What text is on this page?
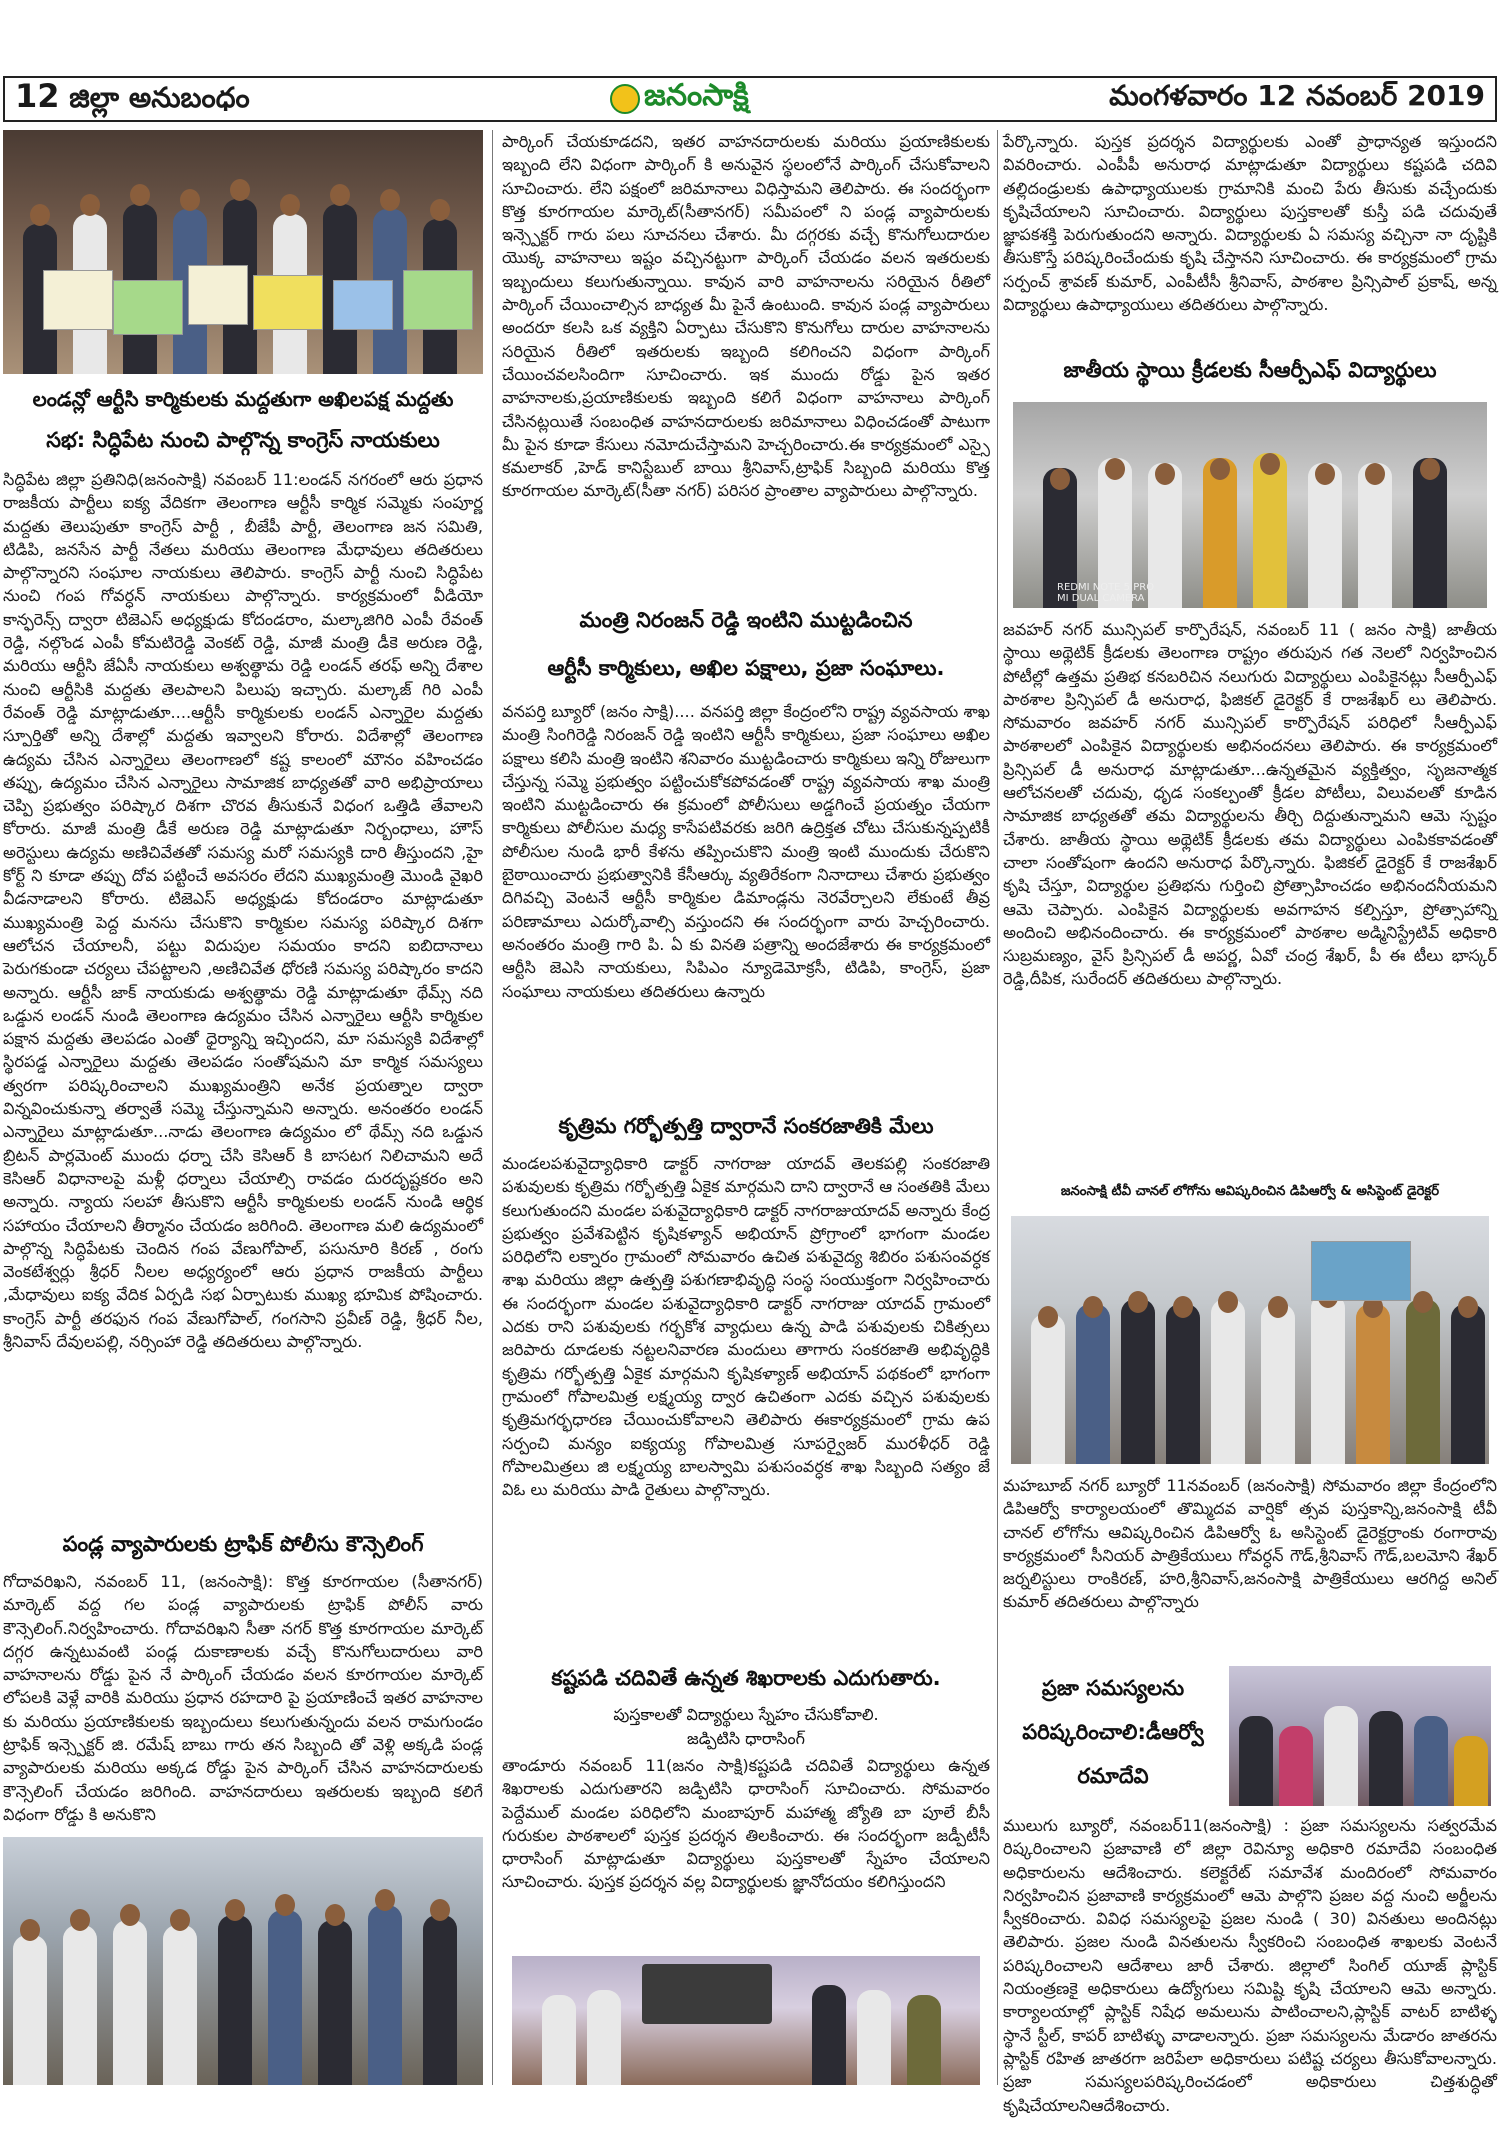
12 జిల్లా అనుబంధం	జనంసాక్షి	మంగళవారం 12 నవంబర్ 2019
లండన్లో ఆర్టీసి కార్మికులకు మద్దతుగా అఖిలపక్ష మద్దతు
సభ: సిద్ధిపేట నుంచి పాల్గొన్న కాంగ్రెస్ నాయకులు
సిద్ధిపేట జిల్లా ప్రతినిధి(జనంసాక్షి) నవంబర్ 11:లండన్ నగరంలో ఆరు ప్రధాన రాజకీయ పార్టీలు ఐక్య వేదికగా తెలంగాణ ఆర్టీసీ కార్మిక సమ్మెకు సంపూర్ణ మద్దతు తెలుపుతూ కాంగ్రెస్ పార్టీ , బీజేపీ పార్టీ, తెలంగాణ జన సమితి, టిడిపి, జనసేన పార్టీ నేతలు మరియు తెలంగాణ మేధావులు తదితరులు పాల్గొన్నారని సంఘాల నాయకులు తెలిపారు. కాంగ్రెస్ పార్టీ నుంచి సిద్ధిపేట నుంచి గంప గోవర్ధన్ నాయకులు పాల్గొన్నారు. కార్యక్రమంలో వీడియో కాన్ఫరెన్స్ ద్వారా టిజెఎస్ అధ్యక్షుడు కోదండరాం, మల్కాజిగిరి ఎంపీ రేవంత్ రెడ్డి, నల్గొండ ఎంపీ కోమటిరెడ్డి వెంకట్ రెడ్డి, మాజీ మంత్రి డీకె అరుణ రెడ్డి, మరియు ఆర్టీసి జేఏసీ నాయకులు అశ్వత్థామ రెడ్డి లండన్ తరఫ్ అన్ని దేశాల నుంచి ఆర్టీసికి మద్దతు తెలపాలని పిలుపు ఇచ్చారు. మల్కాజ్ గిరి ఎంపీ రేవంత్ రెడ్డి మాట్లాడుతూ....ఆర్టీసీ కార్మికులకు లండన్ ఎన్నారైల మద్దతు స్పూర్తితో అన్ని దేశాల్లో మద్దతు ఇవ్వాలని కోరారు. విదేశాల్లో తెలంగాణ ఉద్యమ చేసిన ఎన్నారైలు తెలంగాణలో కష్ట కాలంలో మౌనం వహించడం తప్పు, ఉద్యమం చేసిన ఎన్నారైలు సామాజిక బాధ్యతతో వారి అభిప్రాయాలు చెప్పి ప్రభుత్వం పరిష్కార దిశగా చొరవ తీసుకునే విధంగ ఒత్తిడి తేవాలని కోరారు. మాజీ మంత్రి డీకే అరుణ రెడ్డి మాట్లాడుతూ నిర్బంధాలు, హౌస్ అరెస్టులు ఉద్యమ అణిచివేతతో సమస్య మరో సమస్యకి దారి తీస్తుందని ,హై కోర్ట్ ని కూడా తప్పు దోవ పట్టించే అవసరం లేదని ముఖ్యమంత్రి మొండి వైఖరి వీడనాడాలని కోరారు. టిజెఎస్ అధ్యక్షుడు కోదండరాం మాట్లాడుతూ ముఖ్యమంత్రి పెద్ద మనసు చేసుకొని కార్మికుల సమస్య పరిష్కార దిశగా ఆలోచన చేయాలనీ, పట్టు విదుపుల సమయం కాదని ఐబిదానాలు పెరుగకుండా చర్యలు చేపట్టాలని ,అణిచివేత ధోరణి సమస్య పరిష్కారం కాదని అన్నారు. ఆర్టీసీ జాక్ నాయకుడు అశ్వత్థామ రెడ్డి మాట్లాడుతూ థేమ్స్ నది ఒడ్డున లండన్ నుండి తెలంగాణ ఉద్యమం చేసిన ఎన్నారైలు ఆర్టీసి కార్మికుల పక్షాన మద్దతు తెలపడం ఎంతో ధైర్యాన్ని ఇచ్చిందని, మా సమస్యకి విదేశాల్లో స్థిరపడ్డ ఎన్నారైలు మద్దతు తెలపడం సంతోషమని మా కార్మిక సమస్యలు త్వరగా పరిష్కరించాలని ముఖ్యమంత్రిని అనేక ప్రయత్నాల ద్వారా విన్నవించుకున్నా తర్వాతే సమ్మె చేస్తున్నామని అన్నారు. అనంతరం లండన్ ఎన్నారైలు మాట్లాడుతూ...నాడు తెలంగాణ ఉద్యమం లో థేమ్స్ నది ఒడ్డున బ్రిటన్ పార్లమెంట్ ముందు ధర్నా చేసి కెసిఆర్ కి బాసటగ నిలిచామని అదే కెసిఆర్ విధానాలపై మళ్లీ ధర్నాలు చేయాల్సి రావడం దురదృష్టకరం అని అన్నారు. న్యాయ సలహా తీసుకొని ఆర్టీసీ కార్మికులకు లండన్ నుండి ఆర్థిక సహాయం చేయాలని తీర్మానం చేయడం జరిగింది. తెలంగాణ మలి ఉద్యమంలో పాల్గొన్న సిద్ధిపేటకు చెందిన గంప వేణుగోపాల్, పసునూరి కిరణ్ , రంగు వెంకటేశ్వర్లు శ్రీధర్ నీలల అధ్యర్యంలో ఆరు ప్రధాన రాజకీయ పార్టీలు ,మేధావులు ఐక్య వేదిక ఏర్పడి సభ ఏర్పాటుకు ముఖ్య భూమిక పోషించారు. కాంగ్రెస్ పార్టీ తరఫున గంప వేణుగోపాల్, గంగసాని ప్రవీణ్ రెడ్డి, శ్రీధర్ నీల, శ్రీనివాస్ దేవులపల్లి, నర్సింహా రెడ్డి తదితరులు పాల్గొన్నారు.
పండ్ల వ్యాపారులకు ట్రాఫిక్ పోలీసు కౌన్సెలింగ్
గోదావరిఖని, నవంబర్ 11, (జనంసాక్షి): కొత్త కూరగాయల (సీతానగర్) మార్కెట్ వద్ద గల పండ్ల వ్యాపారులకు ట్రాఫిక్ పోలీస్ వారు కౌన్సెలింగ్.నిర్వహించారు. గోదావరిఖని సీతా నగర్ కొత్త కూరగాయల మార్కెట్ దగ్గర ఉన్నటువంటి పండ్ల దుకాణాలకు వచ్చే కొనుగోలుదారులు వారి వాహనాలను రోడ్డు పైన నే పార్కింగ్ చేయడం వలన కూరగాయల మార్కెట్ లోపలకి వెళ్లే వారికి మరియు ప్రధాన రహదారి పై ప్రయాణించే ఇతర వాహనాల కు మరియు ప్రయాణికులకు ఇబ్బందులు కలుగుతున్నందు వలన రామగుండం ట్రాఫిక్ ఇన్స్పెక్టర్ జి. రమేష్ బాబు గారు తన సిబ్బంది తో వెళ్లి అక్కడి పండ్ల వ్యాపారులకు మరియు అక్కడ రోడ్డు పైన పార్కింగ్ చేసిన వాహనదారులకు కౌన్సెలింగ్ చేయడం జరిగింది. వాహనదారులు ఇతరులకు ఇబ్బంది కలిగే విధంగా రోడ్డు కి అనుకొని
పార్కింగ్ చేయకూడదని, ఇతర వాహనదారులకు మరియు ప్రయాణికులకు ఇబ్బంది లేని విధంగా పార్కింగ్ కి అనువైన స్థలంలోనే పార్కింగ్ చేసుకోవాలని సూచించారు. లేని పక్షంలో జరిమానాలు విధిస్తామని తెలిపారు. ఈ సందర్భంగా కొత్త కూరగాయల మార్కెట్(సీతానగర్) సమీపంలో ని పండ్ల వ్యాపారులకు ఇన్స్పెక్టర్ గారు పలు సూచనలు చేశారు. మీ దగ్గరకు వచ్చే కొనుగోలుదారుల యొక్క వాహనాలు ఇష్టం వచ్చినట్టుగా పార్కింగ్ చేయడం వలన ఇతరులకు ఇబ్బందులు కలుగుతున్నాయి. కావున వారి వాహనాలను సరియైన రీతిలో పార్కింగ్ చేయించాల్సిన బాధ్యత మీ పైనే ఉంటుంది. కావున పండ్ల వ్యాపారులు అందరూ కలసి ఒక వ్యక్తిని ఏర్పాటు చేసుకొని కొనుగోలు దారుల వాహనాలను సరియైన రీతిలో ఇతరులకు ఇబ్బంది కలిగించని విధంగా పార్కింగ్ చేయించవలసిందిగా సూచించారు. ఇక ముందు రోడ్డు పైన ఇతర వాహనాలకు,ప్రయాణికులకు ఇబ్బంది కలిగే విధంగా వాహనాలు పార్కింగ్ చేసినట్లయితే సంబంధిత వాహనదారులకు జరిమానాలు విధించడంతో పాటుగా మీ పైన కూడా కేసులు నమోదుచేస్తామని హెచ్చరించారు.ఈ కార్యక్రమంలో ఎస్సై కమలాకర్ ,హెడ్ కానిస్టేబుల్ బాయి శ్రీనివాస్,ట్రాఫిక్ సిబ్బంది మరియు కొత్త కూరగాయల మార్కెట్(సీతా నగర్) పరిసర ప్రాంతాల వ్యాపారులు పాల్గొన్నారు.
మంత్రి నిరంజన్ రెడ్డి ఇంటిని ముట్టడించిన
ఆర్టీసీ కార్మికులు, అఖిల పక్షాలు, ప్రజా సంఘాలు.
వనపర్తి బ్యూరో (జనం సాక్షి).... వనపర్తి జిల్లా కేంద్రంలోని రాష్ట్ర వ్యవసాయ శాఖ మంత్రి సింగిరెడ్డి నిరంజన్ రెడ్డి ఇంటిని ఆర్టీసీ కార్మికులు, ప్రజా సంఘాలు అఖిల పక్షాలు కలిసి మంత్రి ఇంటిని శనివారం ముట్టడించారు కార్మికులు ఇన్ని రోజులుగా చేస్తున్న సమ్మె ప్రభుత్వం పట్టించుకోకపోవడంతో రాష్ట్ర వ్యవసాయ శాఖ మంత్రి ఇంటిని ముట్టడించారు ఈ క్రమంలో పోలీసులు అడ్డగించే ప్రయత్నం చేయగా కార్మికులు పోలీసుల మధ్య కాసేపటివరకు జరిగి ఉద్రిక్తత చోటు చేసుకున్నప్పటికీ పోలీసుల నుండి భారీ కేళను తప్పించుకొని మంత్రి ఇంటి ముందుకు చేరుకొని బైఠాయించారు ప్రభుత్వానికి కేసీఆర్కు వ్యతిరేకంగా నినాదాలు చేశారు ప్రభుత్వం దిగివచ్చి వెంటనే ఆర్టీసీ కార్మికుల డిమాండ్లను నెరవేర్చాలని లేకుంటే తీవ్ర పరిణామాలు ఎదుర్కోవాల్సి వస్తుందని ఈ సందర్భంగా వారు హెచ్చరించారు. అనంతరం మంత్రి గారి పి. ఏ కు వినతి పత్రాన్ని అందజేశారు ఈ కార్యక్రమంలో ఆర్టీసి జెఎసి నాయకులు, సిపిఎం న్యూడెమోక్రసీ, టిడిపి, కాంగ్రెస్, ప్రజా సంఘాలు నాయకులు తదితరులు ఉన్నారు
కృత్రిమ గర్భోత్పత్తి ద్వారానే సంకరజాతికి మేలు
మండలపశువైద్యాధికారి డాక్టర్ నాగరాజు యాదవ్ తెలకపల్లి సంకరజాతి పశువులకు కృత్రిమ గర్భోత్పత్తి ఏకైక మార్గమని దాని ద్వారానే ఆ సంతతికి మేలు కలుగుతుందని మండల పశువైద్యాధికారి డాక్టర్ నాగరాజుయాదవ్ అన్నారు కేంద్ర ప్రభుత్వం ప్రవేశపెట్టిన కృషికళ్యాన్ అభియాన్ ప్రోగ్రాంలో భాగంగా మండల పరిధిలోని లక్నారం గ్రామంలో సోమవారం ఉచిత పశువైద్య శిబిరం పశుసంవర్ధక శాఖ మరియు జిల్లా ఉత్పత్తి పశుగణాభివృద్ధి సంస్థ సంయుక్తంగా నిర్వహించారు ఈ సందర్భంగా మండల పశువైద్యాధికారి డాక్టర్ నాగరాజు యాదవ్ గ్రామంలో ఎదకు రాని పశువులకు గర్భకోశ వ్యాధులు ఉన్న పాడి పశువులకు చికిత్సలు జరిపారు దూడలకు నట్టలనివారణ మందులు తాగారు సంకరజాతి అభివృద్ధికి కృత్రిమ గర్భోత్పత్తి ఏకైక మార్గమని కృషికళ్యాణ్ అభియాన్ పథకంలో భాగంగా గ్రామంలో గోపాలమిత్ర లక్ష్మయ్య ద్వార ఉచితంగా ఎదకు వచ్చిన పశువులకు కృత్రిమగర్భధారణ చేయించుకోవాలని తెలిపారు ఈకార్యక్రమంలో గ్రామ ఉప సర్పంచి మన్యం ఐక్యయ్య గోపాలమిత్ర సూపర్వైజర్ మురళీధర్ రెడ్డి గోపాలమిత్రలు జి లక్ష్మయ్య బాలస్వామి పశుసంవర్ధక శాఖ సిబ్బంది సత్యం జే విఓ లు మరియు పాడి రైతులు పాల్గొన్నారు.
కష్టపడి చదివితే ఉన్నత శిఖరాలకు ఎదుగుతారు.
పుస్తకాలతో విద్యార్థులు స్నేహం చేసుకోవాలి.
జడ్పిటిసి ధారాసింగ్
తాండూరు నవంబర్ 11(జనం సాక్షి)కష్టపడి చదివితే విద్యార్థులు ఉన్నత శిఖరాలకు ఎదుగుతారని జడ్పిటిసి ధారాసింగ్ సూచించారు. సోమవారం పెద్దేముల్ మండల పరిధిలోని మంబాపూర్ మహాత్మ జ్యోతి బా పూలే బీసీ గురుకుల పాఠశాలలో పుస్తక ప్రదర్శన తిలకించారు. ఈ సందర్భంగా జడ్పీటీసీ ధారాసింగ్ మాట్లాడుతూ విద్యార్థులు పుస్తకాలతో స్నేహం చేయాలని సూచించారు. పుస్తక ప్రదర్శన వల్ల విద్యార్థులకు జ్ఞానోదయం కలిగిస్తుందని
పేర్కొన్నారు. పుస్తక ప్రదర్శన విద్యార్థులకు ఎంతో ప్రాధాన్యత ఇస్తుందని వివరించారు. ఎంపీపీ అనురాధ మాట్లాడుతూ విద్యార్థులు కష్టపడి చదివి తల్లిదండ్రులకు ఉపాధ్యాయులకు గ్రామానికి మంచి పేరు తీసుకు వచ్చేందుకు కృషిచేయాలని సూచించారు. విద్యార్థులు పుస్తకాలతో కుస్తీ పడి చదువుతే జ్ఞాపకశక్తి పెరుగుతుందని అన్నారు. విద్యార్థులకు ఏ సమస్య వచ్చినా నా దృష్టికి తీసుకొస్తే పరిష్కరించేందుకు కృషి చేస్తానని సూచించారు. ఈ కార్యక్రమంలో గ్రామ సర్పంచ్ శ్రావణ్ కుమార్, ఎంపీటీసీ శ్రీనివాస్, పాఠశాల ప్రిన్సిపాల్ ప్రకాష్, అన్న విద్యార్థులు ఉపాధ్యాయులు తదితరులు పాల్గొన్నారు.
జాతీయ స్థాయి క్రీడలకు సీఆర్పీఎఫ్ విద్యార్థులు
REDMI NOTE 5 PRO
MI DUAL CAMERA
జవహర్ నగర్ మున్సిపల్ కార్పొరేషన్, నవంబర్ 11 ( జనం సాక్షి) జాతీయ స్థాయి అథ్లెటిక్ క్రీడలకు తెలంగాణ రాష్ట్రం తరుపున గత నెలలో నిర్వహించిన పోటీల్లో ఉత్తమ ప్రతిభ కనబరిచిన నలుగురు విద్యార్థులు ఎంపికైనట్లు సీఆర్పీఎఫ్ పాఠశాల ప్రిన్సిపల్ డీ అనురాధ, ఫిజికల్ డైరెక్టర్ కే రాజశేఖర్ లు తెలిపారు. సోమవారం జవహర్ నగర్ మున్సిపల్ కార్పొరేషన్ పరిధిలో సీఆర్పీఎఫ్ పాఠశాలలో ఎంపికైన విద్యార్థులకు అభినందనలు తెలిపారు. ఈ కార్యక్రమంలో ప్రిన్సిపల్ డీ అనురాధ మాట్లాడుతూ...ఉన్నతమైన వ్యక్తిత్వం, సృజనాత్మక ఆలోచనలతో చదువు, ధృడ సంకల్పంతో క్రీడల పోటీలు, విలువలతో కూడిన సామాజిక బాధ్యతతో తమ విద్యార్థులను తీర్చి దిద్దుతున్నామని ఆమె స్పష్టం చేశారు. జాతీయ స్థాయి అథ్లెటిక్ క్రీడలకు తమ విద్యార్థులు ఎంపికకావడంతో చాలా సంతోషంగా ఉందని అనురాధ పేర్కొన్నారు. ఫిజికల్ డైరెక్టర్ కే రాజశేఖర్ కృషి చేస్తూ, విద్యార్థుల ప్రతిభను గుర్తించి ప్రోత్సాహించడం అభినందనీయమని ఆమె చెప్పారు. ఎంపికైన విద్యార్థులకు అవగాహన కల్పిస్తూ, ప్రోత్సాహాన్ని అందించి అభినందించారు. ఈ కార్యక్రమంలో పాఠశాల అడ్మినిస్ట్రేటివ్ అధికారి సుబ్రమణ్యం, వైస్ ప్రిన్సిపల్ డీ అపర్ణ, ఏవో చంద్ర శేఖర్, పీ ఈ టీలు భాస్కర్ రెడ్డి,దీపిక, సురేందర్ తదితరులు పాల్గొన్నారు.
జనంసాక్షి టీవీ చానల్ లోగోను ఆవిష్కరించిన డిపిఆర్వో & అసిస్టెంట్ డైరెక్టర్
మహబూబ్ నగర్ బ్యూరో 11నవంబర్ (జనంసాక్షి) సోమవారం జిల్లా కేంద్రంలోని డిపిఆర్వో కార్యాలయంలో తొమ్మిదవ వార్షికో త్సవ పుస్తకాన్ని,జనంసాక్షి టీవీ చానల్ లోగోను ఆవిష్కరించిన డిపిఆర్వో ఓ అసిస్టెంట్ డైరెక్టర్రాంకు రంగారావు కార్యక్రమంలో సీనియర్ పాత్రికేయులు గోవర్ధన్ గౌడ్,శ్రీనివాస్ గౌడ్,బలమోని శేఖర్ జర్నలిస్టులు రాంకిరణ్, హరి,శ్రీనివాస్,జనంసాక్షి పాత్రికేయులు ఆరగిద్ద అనిల్ కుమార్ తదితరులు పాల్గొన్నారు
ప్రజా సమస్యలను
పరిష్కరించాలి:డీఆర్వో
రమాదేవి
ములుగు బ్యూరో, నవంబర్11(జనంసాక్షి) : ప్రజా సమస్యలను సత్వరమేవ రిష్కరించాలని ప్రజావాణి లో జిల్లా రెవిన్యూ అధికారి రమాదేవి సంబంధిత అధికారులను ఆదేశించారు. కలెక్టరేట్ సమావేశ మందిరంలో సోమవారం నిర్వహించిన ప్రజావాణి కార్యక్రమంలో ఆమె పాల్గొని ప్రజల వద్ద నుంచి అర్జీలను స్వీకరించారు. వివిధ సమస్యలపై ప్రజల నుండి ( 30) వినతులు అందినట్లు తెలిపారు. ప్రజల నుండి వినతులను స్వీకరించి సంబంధిత శాఖలకు వెంటనే పరిష్కరించాలని ఆదేశాలు జారీ చేశారు. జిల్లాలో సింగిల్ యూజ్ ప్లాస్టిక్ నియంత్రణకై అధికారులు ఉద్యోగులు సమిష్టి కృషి చేయాలని ఆమె అన్నారు. కార్యాలయాల్లో ప్లాస్టిక్ నిషేధ అమలును పాటించాలని,ప్లాస్టిక్ వాటర్ బాటిళ్ళ స్థానే స్టీల్, కాపర్ బాటిళ్ళు వాడాలన్నారు. ప్రజా సమస్యలను మేడారం జాతరను ప్లాస్టిక్ రహిత జాతరగా జరిపేలా అధికారులు పటిష్ట చర్యలు తీసుకోవాలన్నారు. ప్రజా సమస్యలపరిష్కరించడంలో అధికారులు చిత్తశుద్ధితో కృషిచేయాలనిఆదేశించారు.
